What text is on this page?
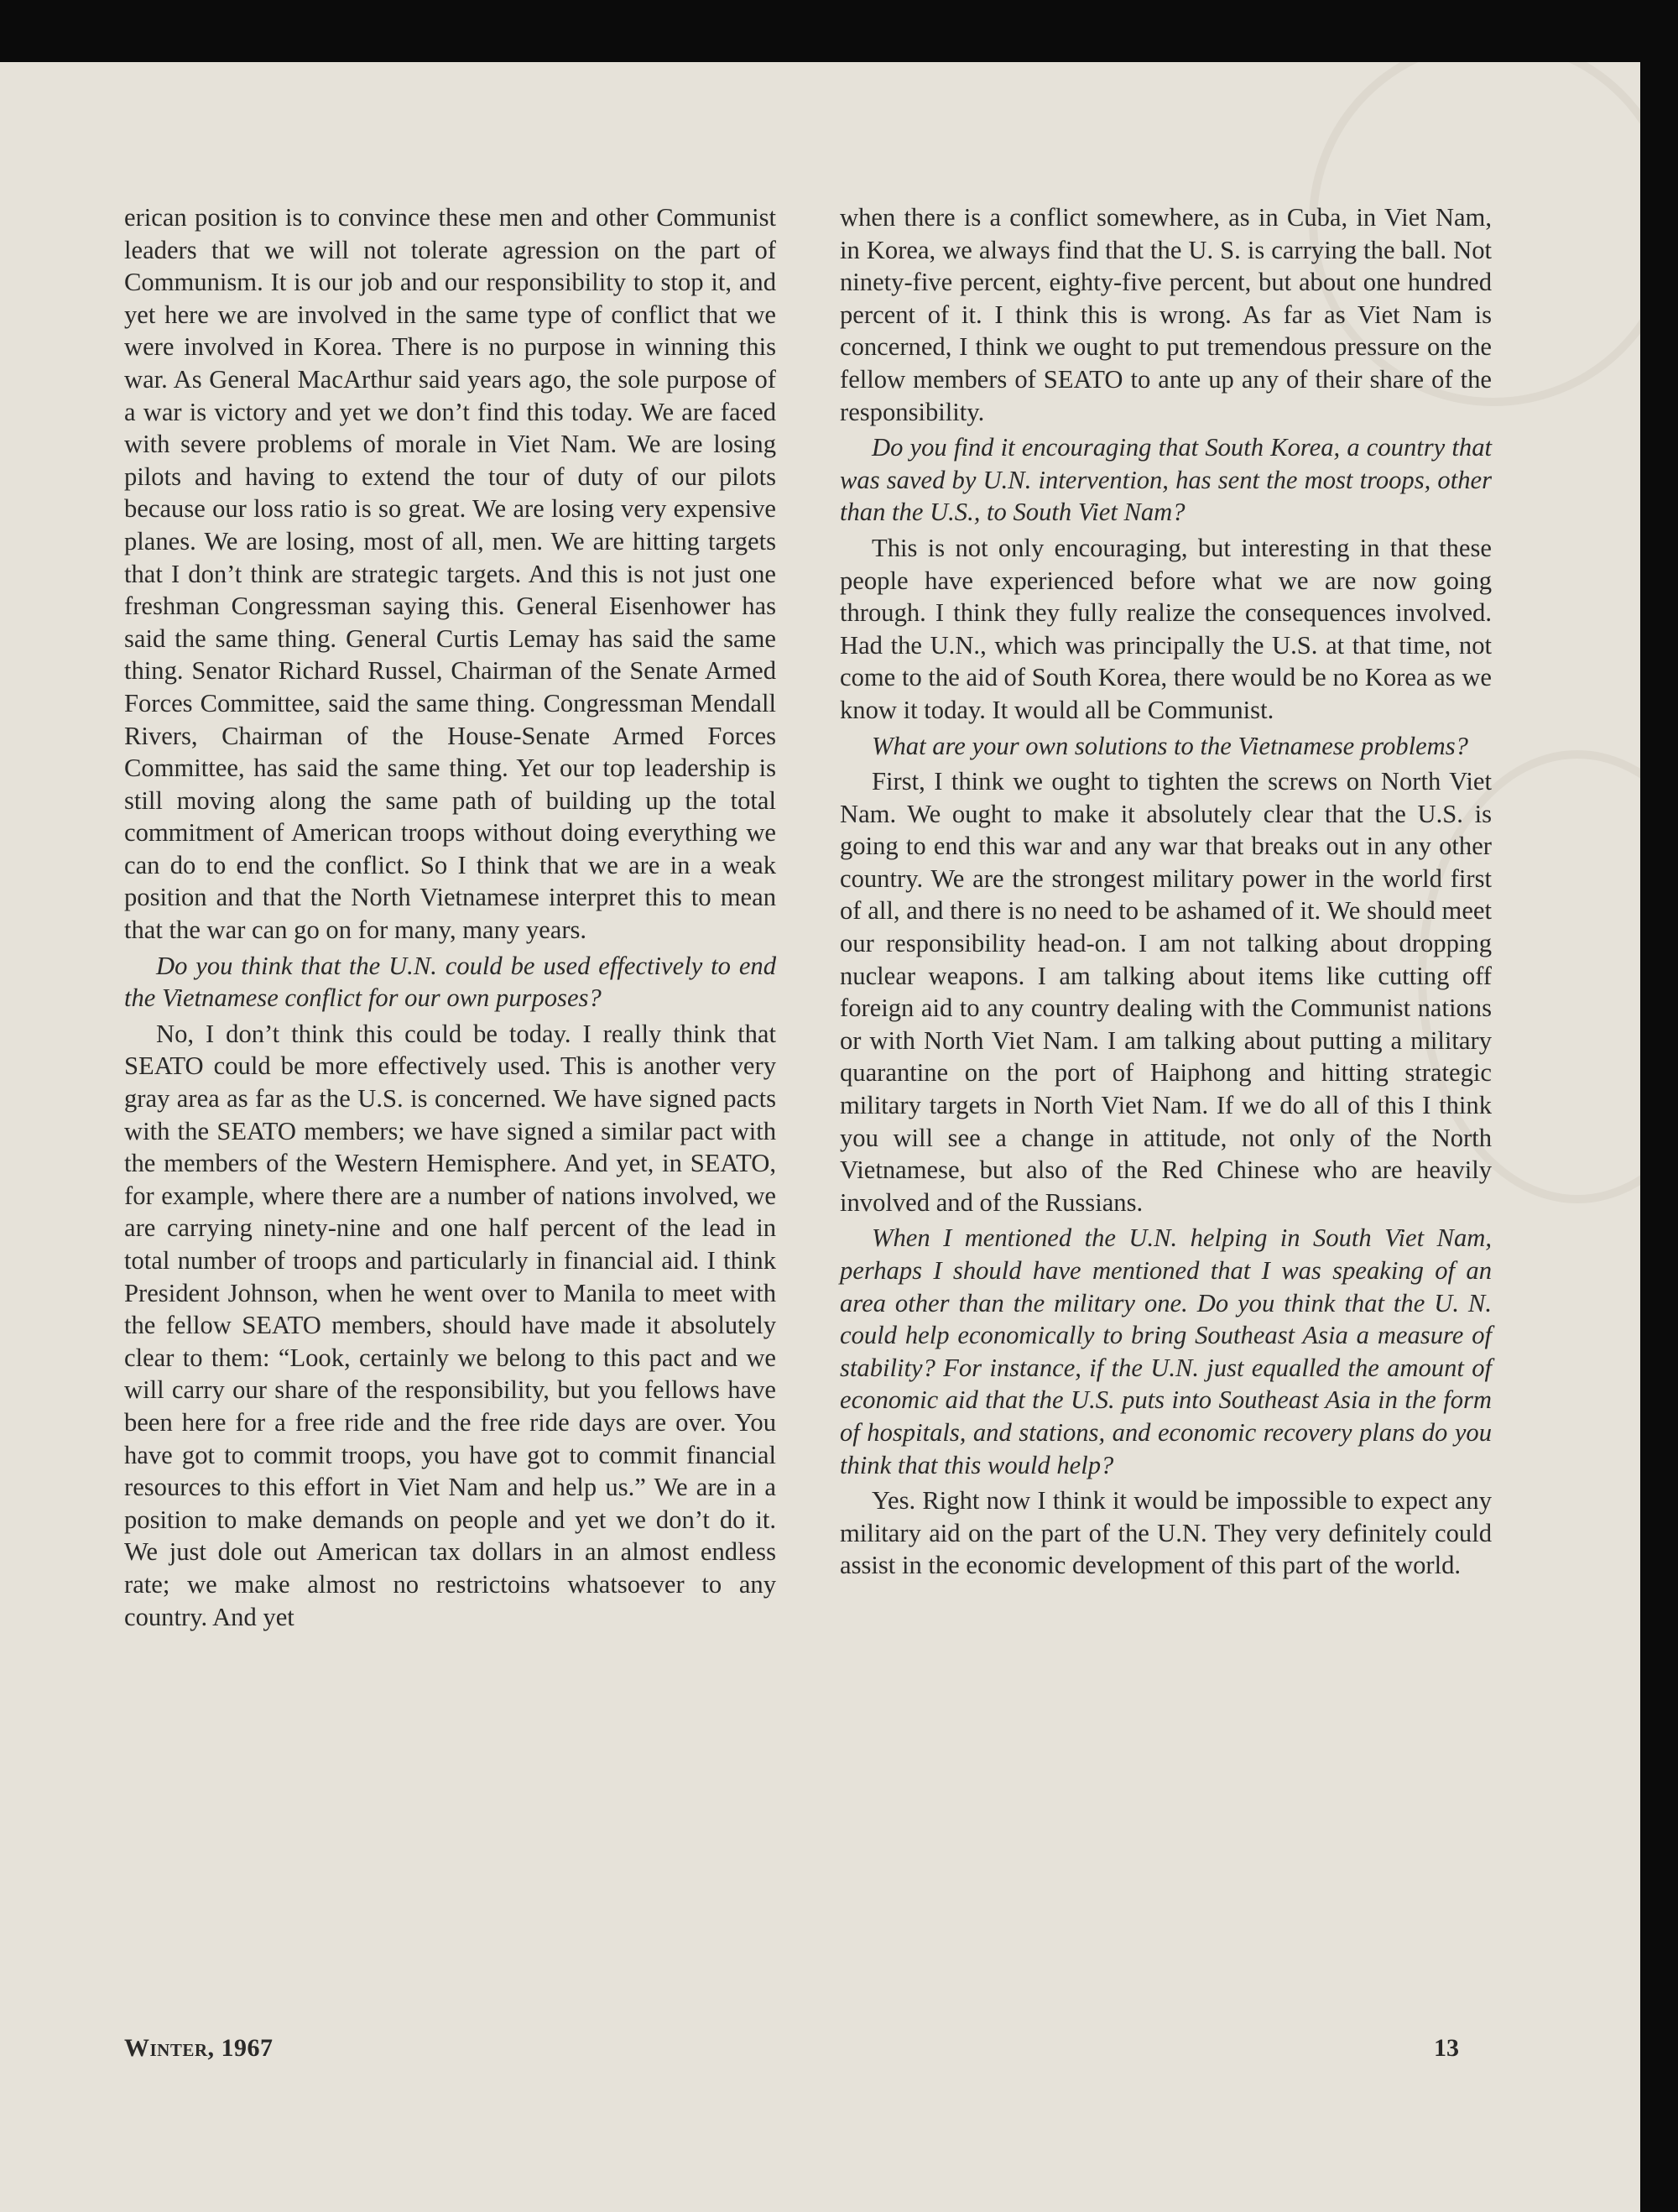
erican position is to convince these men and other Communist leaders that we will not tolerate agression on the part of Communism. It is our job and our responsibility to stop it, and yet here we are involved in the same type of conflict that we were involved in Korea. There is no purpose in winning this war. As General MacArthur said years ago, the sole purpose of a war is victory and yet we don’t find this today. We are faced with severe problems of morale in Viet Nam. We are losing pilots and having to extend the tour of duty of our pilots because our loss ratio is so great. We are losing very expensive planes. We are losing, most of all, men. We are hitting targets that I don’t think are strategic targets. And this is not just one freshman Congressman saying this. General Eisenhower has said the same thing. General Curtis Lemay has said the same thing. Senator Richard Russel, Chairman of the Senate Armed Forces Committee, said the same thing. Congressman Mendall Rivers, Chairman of the House-Senate Armed Forces Committee, has said the same thing. Yet our top leadership is still moving along the same path of building up the total commitment of American troops without doing everything we can do to end the conflict. So I think that we are in a weak position and that the North Vietnamese interpret this to mean that the war can go on for many, many years.

Do you think that the U.N. could be used effectively to end the Vietnamese conflict for our own purposes?

No, I don’t think this could be today. I really think that SEATO could be more effectively used. This is another very gray area as far as the U.S. is concerned. We have signed pacts with the SEATO members; we have signed a similar pact with the members of the Western Hemisphere. And yet, in SEATO, for example, where there are a number of nations involved, we are carrying ninety-nine and one half percent of the lead in total number of troops and particularly in financial aid. I think President Johnson, when he went over to Manila to meet with the fellow SEATO members, should have made it absolutely clear to them: “Look, certainly we belong to this pact and we will carry our share of the responsibility, but you fellows have been here for a free ride and the free ride days are over. You have got to commit troops, you have got to commit financial resources to this effort in Viet Nam and help us.” We are in a position to make demands on people and yet we don’t do it. We just dole out American tax dollars in an almost endless rate; we make almost no restrictoins whatsoever to any country. And yet

when there is a conflict somewhere, as in Cuba, in Viet Nam, in Korea, we always find that the U. S. is carrying the ball. Not ninety-five percent, eighty-five percent, but about one hundred percent of it. I think this is wrong. As far as Viet Nam is concerned, I think we ought to put tremendous pressure on the fellow members of SEATO to ante up any of their share of the responsibility.

Do you find it encouraging that South Korea, a country that was saved by U.N. intervention, has sent the most troops, other than the U.S., to South Viet Nam?

This is not only encouraging, but interesting in that these people have experienced before what we are now going through. I think they fully realize the consequences involved. Had the U.N., which was principally the U.S. at that time, not come to the aid of South Korea, there would be no Korea as we know it today. It would all be Communist.

What are your own solutions to the Vietnamese problems?

First, I think we ought to tighten the screws on North Viet Nam. We ought to make it absolutely clear that the U.S. is going to end this war and any war that breaks out in any other country. We are the strongest military power in the world first of all, and there is no need to be ashamed of it. We should meet our responsibility head-on. I am not talking about dropping nuclear weapons. I am talking about items like cutting off foreign aid to any country dealing with the Communist nations or with North Viet Nam. I am talking about putting a military quarantine on the port of Haiphong and hitting strategic military targets in North Viet Nam. If we do all of this I think you will see a change in attitude, not only of the North Vietnamese, but also of the Red Chinese who are heavily involved and of the Russians.

When I mentioned the U.N. helping in South Viet Nam, perhaps I should have mentioned that I was speaking of an area other than the military one. Do you think that the U. N. could help economically to bring Southeast Asia a measure of stability? For instance, if the U.N. just equalled the amount of economic aid that the U.S. puts into Southeast Asia in the form of hospitals, and stations, and economic recovery plans do you think that this would help?

Yes. Right now I think it would be impossible to expect any military aid on the part of the U.N. They very definitely could assist in the economic development of this part of the world.

Winter, 1967	13
